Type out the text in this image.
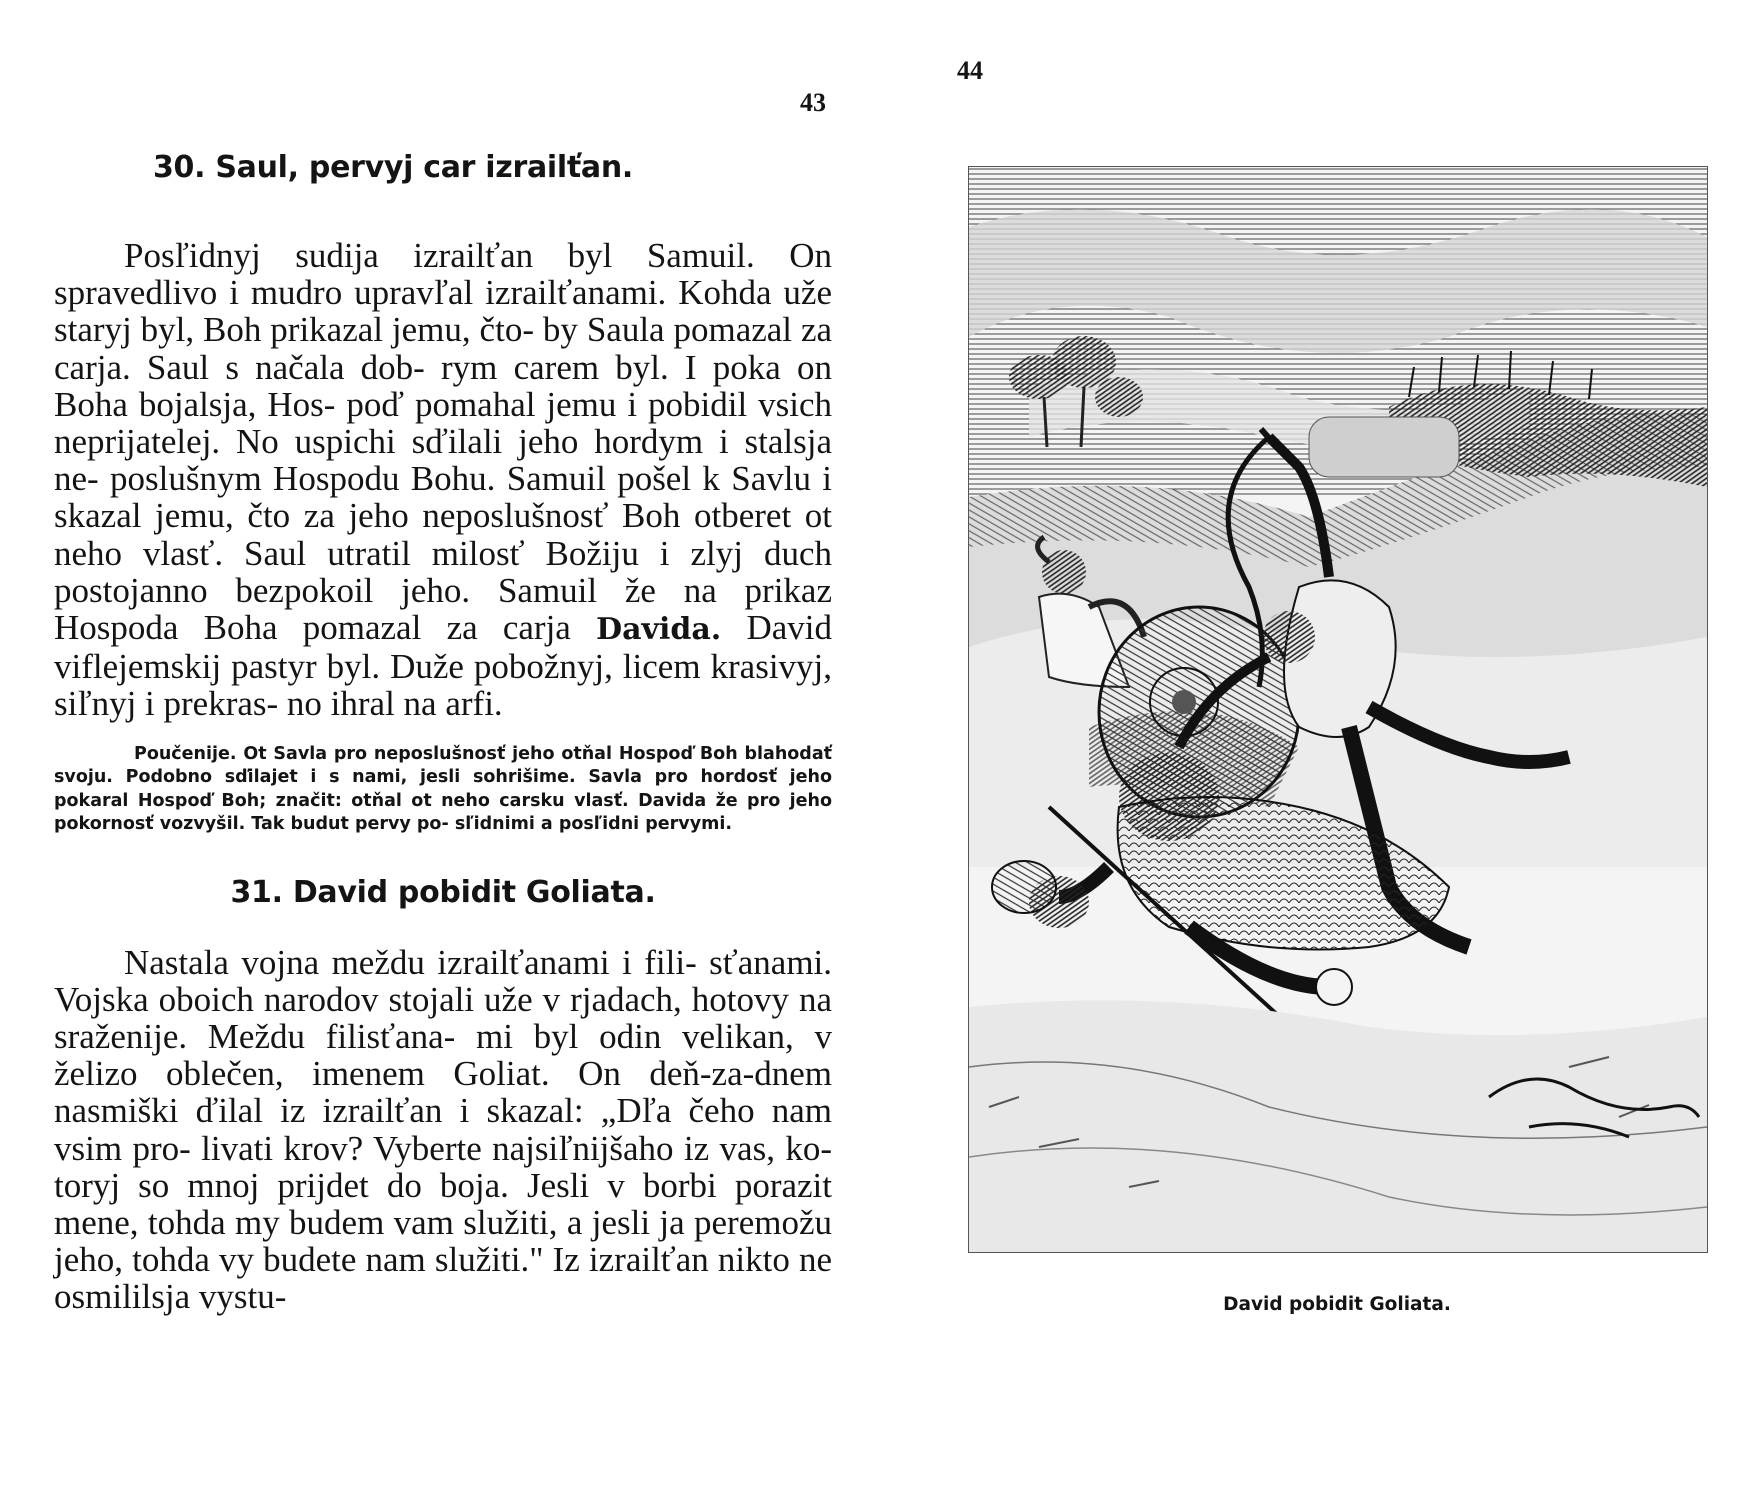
43
44
30. Saul, pervyj car izrailťan.

Posľidnyj sudija izrailťan byl Samuil. On spravedlivo i mudro upravľal izrailťanami. Kohda uže staryj byl, Boh prikazal jemu, čto- by Saula pomazal za carja. Saul s načala dob- rym carem byl. I poka on Boha bojalsja, Hos- poď pomahal jemu i pobidil vsich neprijatelej. No uspichi sďilali jeho hordym i stalsja ne- poslušnym Hospodu Bohu. Samuil pošel k Savlu i skazal jemu, čto za jeho neposlušnosť Boh otberet ot neho vlasť. Saul utratil milosť Božiju i zlyj duch postojanno bezpokoil jeho. Samuil že na prikaz Hospoda Boha pomazal za carja Davida. David viflejemskij pastyr byl. Duže pobožnyj, licem krasivyj, siľnyj i prekras- no ihral na arfi.

Poučenije. Ot Savla pro neposlušnosť jeho otňal Hospoď Boh blahodať svoju. Podobno sďilajet i s nami, jesli sohrišime. Savla pro hordosť jeho pokaral Hospoď Boh; značit: otňal ot neho carsku vlasť. Davida že pro jeho pokornosť vozvyšil. Tak budut pervy po- sľidnimi a posľidni pervymi.

31. David pobidit Goliata.

Nastala vojna meždu izrailťanami i fili- sťanami. Vojska oboich narodov stojali uže v rjadach, hotovy na sraženije. Meždu filisťana- mi byl odin velikan, v želizo oblečen, imenem Goliat. On deň-za-dnem nasmiški ďilal iz izrailťan i skazal: „Dľa čeho nam vsim pro- livati krov? Vyberte najsiľnijšaho iz vas, ko- toryj so mnoj prijdet do boja. Jesli v borbi porazit mene, tohda my budem vam služiti, a jesli ja peremožu jeho, tohda vy budete nam služiti." Iz izrailťan nikto ne osmililsja vystu-	David pobidit Goliata.
